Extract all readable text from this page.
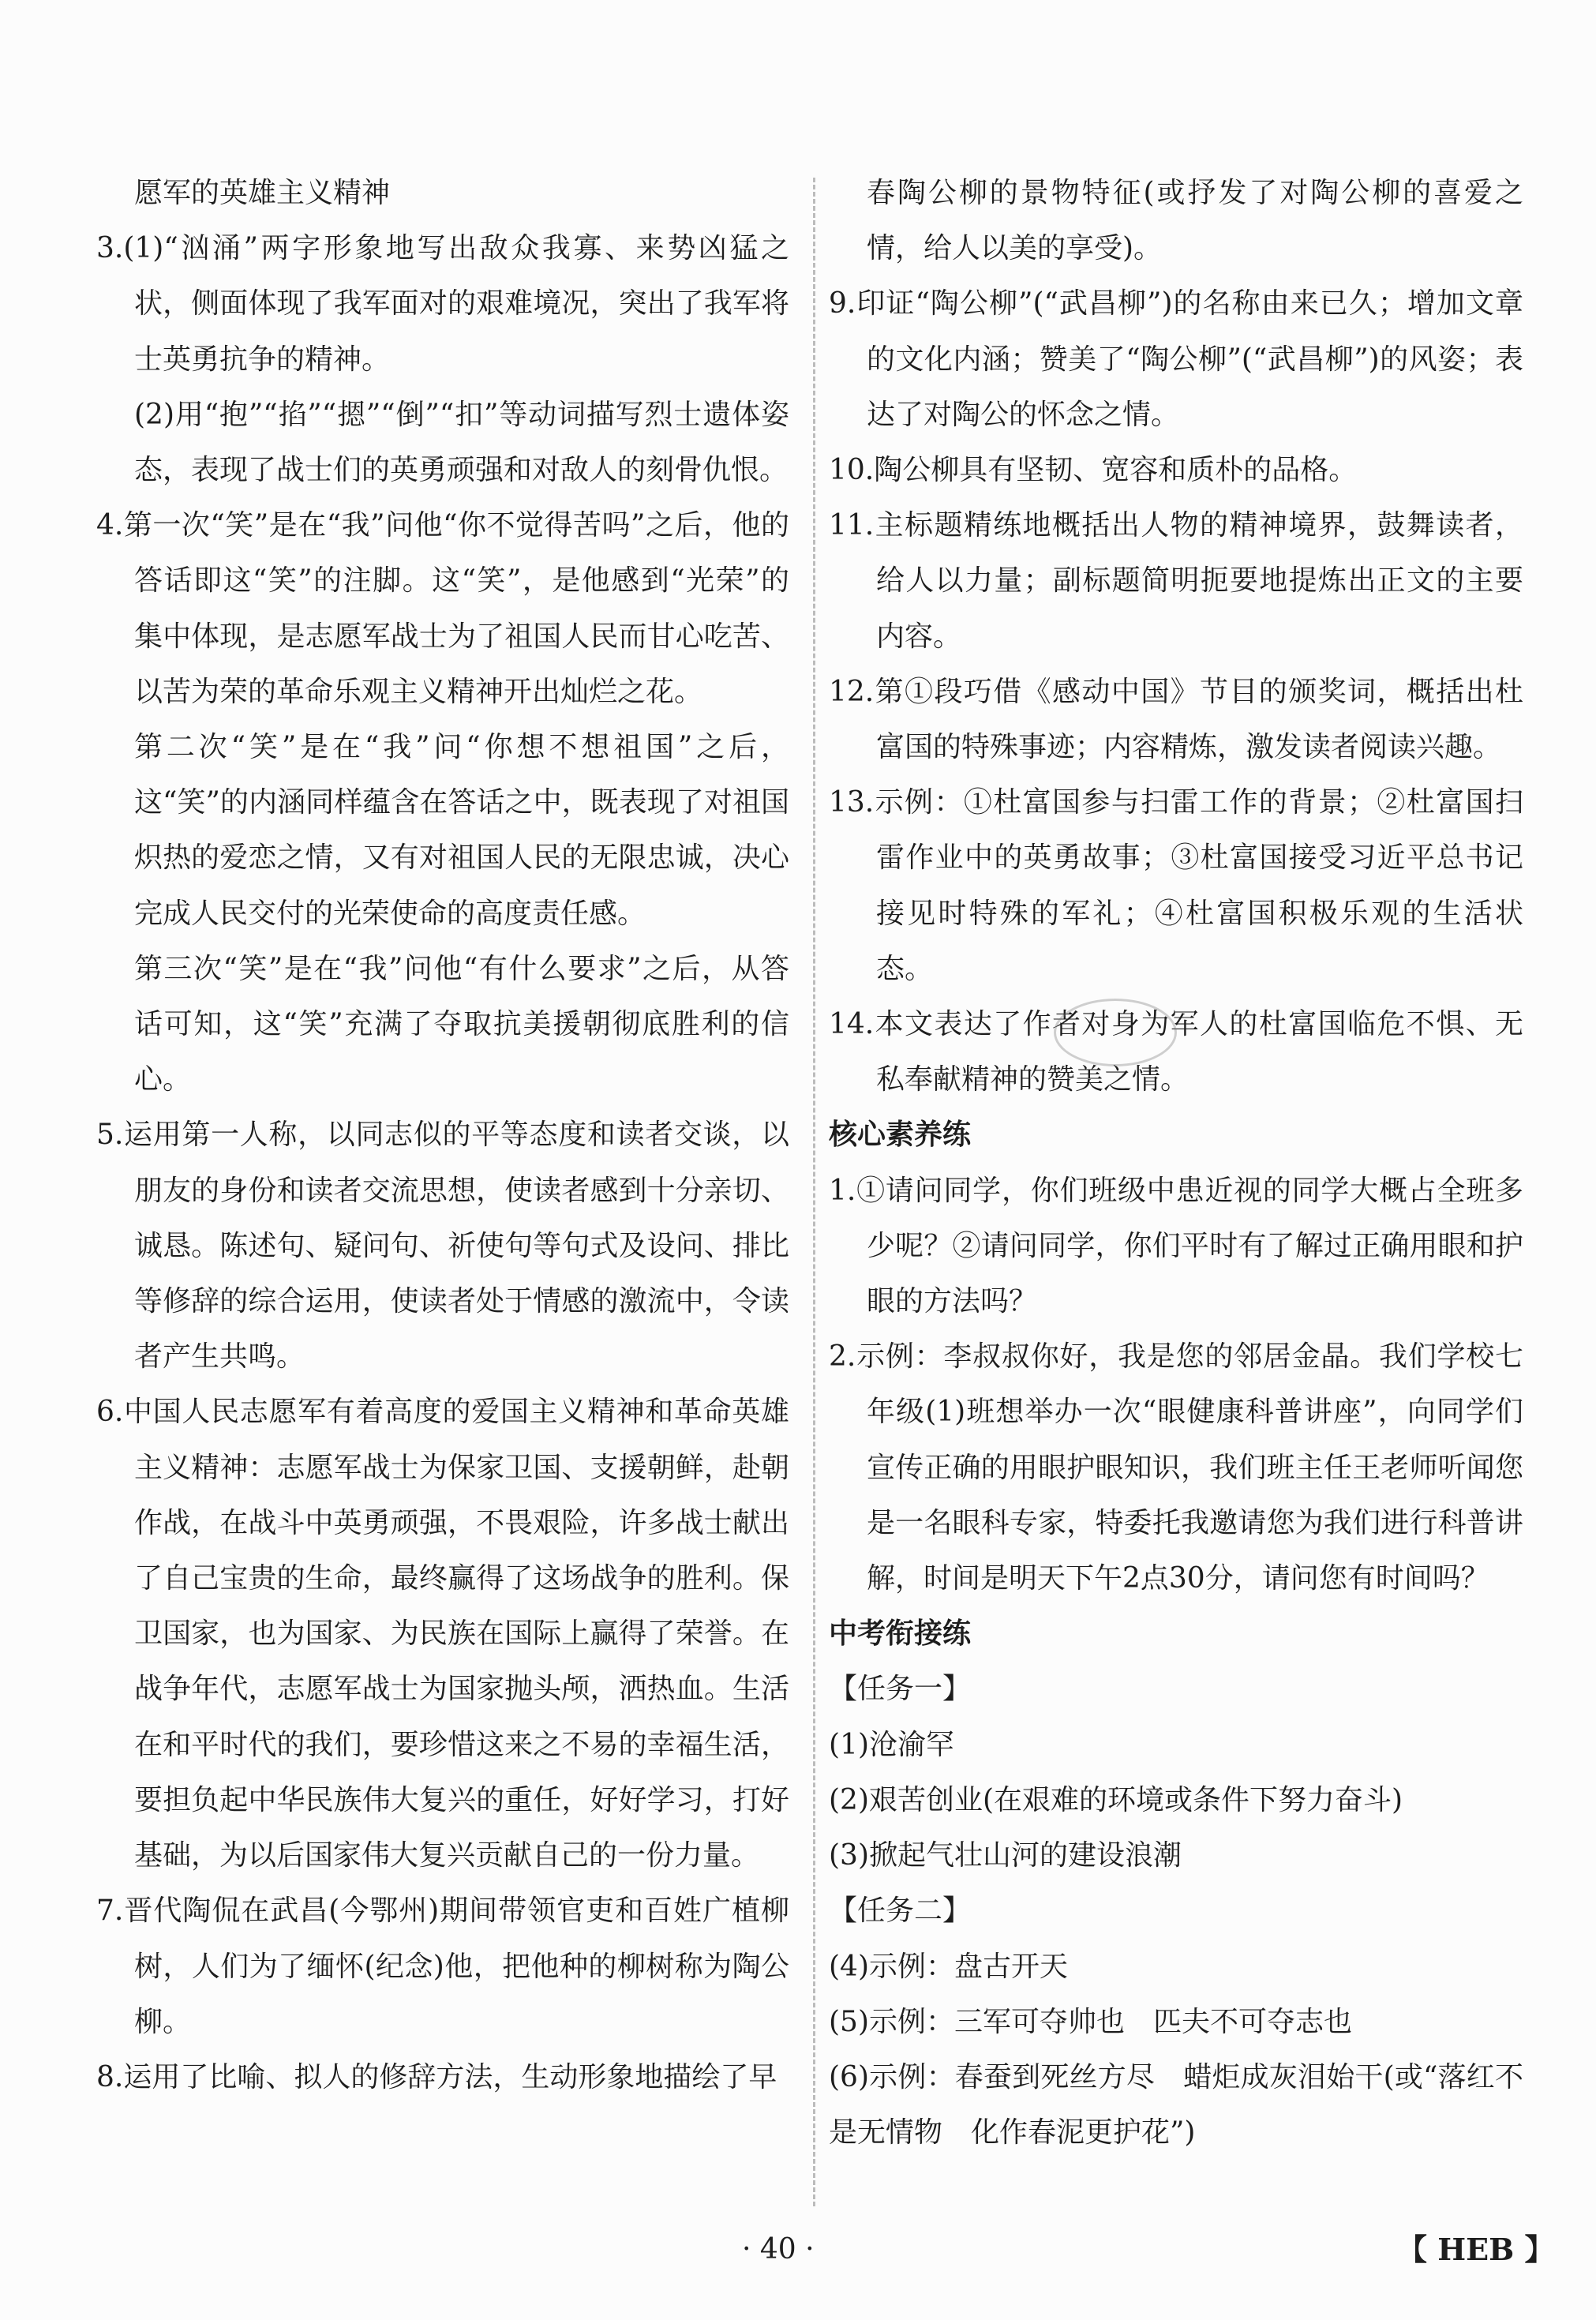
愿军的英雄主义精神

3.(1)“汹涌”两字形象地写出敌众我寡、来势凶猛之状，侧面体现了我军面对的艰难境况，突出了我军将士英勇抗争的精神。

(2)用“抱”“掐”“摁”“倒”“扣”等动词描写烈士遗体姿态，表现了战士们的英勇顽强和对敌人的刻骨仇恨。

4.第一次“笑”是在“我”问他“你不觉得苦吗”之后，他的答话即这“笑”的注脚。这“笑”，是他感到“光荣”的集中体现，是志愿军战士为了祖国人民而甘心吃苦、以苦为荣的革命乐观主义精神开出灿烂之花。

第二次“笑”是在“我”问“你想不想祖国”之后，这“笑”的内涵同样蕴含在答话之中，既表现了对祖国炽热的爱恋之情，又有对祖国人民的无限忠诚，决心完成人民交付的光荣使命的高度责任感。

第三次“笑”是在“我”问他“有什么要求”之后，从答话可知，这“笑”充满了夺取抗美援朝彻底胜利的信心。

5.运用第一人称，以同志似的平等态度和读者交谈，以朋友的身份和读者交流思想，使读者感到十分亲切、诚恳。陈述句、疑问句、祈使句等句式及设问、排比等修辞的综合运用，使读者处于情感的激流中，令读者产生共鸣。

6.中国人民志愿军有着高度的爱国主义精神和革命英雄主义精神：志愿军战士为保家卫国、支援朝鲜，赴朝作战，在战斗中英勇顽强，不畏艰险，许多战士献出了自己宝贵的生命，最终赢得了这场战争的胜利。保卫国家，也为国家、为民族在国际上赢得了荣誉。在战争年代，志愿军战士为国家抛头颅，洒热血。生活在和平时代的我们，要珍惜这来之不易的幸福生活，要担负起中华民族伟大复兴的重任，好好学习，打好基础，为以后国家伟大复兴贡献自己的一份力量。

7.晋代陶侃在武昌(今鄂州)期间带领官吏和百姓广植柳树，人们为了缅怀(纪念)他，把他种的柳树称为陶公柳。

8.运用了比喻、拟人的修辞方法，生动形象地描绘了早

春陶公柳的景物特征(或抒发了对陶公柳的喜爱之情，给人以美的享受)。

9.印证“陶公柳”(“武昌柳”)的名称由来已久；增加文章的文化内涵；赞美了“陶公柳”(“武昌柳”)的风姿；表达了对陶公的怀念之情。

10.陶公柳具有坚韧、宽容和质朴的品格。

11.主标题精练地概括出人物的精神境界，鼓舞读者，给人以力量；副标题简明扼要地提炼出正文的主要内容。

12.第①段巧借《感动中国》节目的颁奖词，概括出杜富国的特殊事迹；内容精炼，激发读者阅读兴趣。

13.示例：①杜富国参与扫雷工作的背景；②杜富国扫雷作业中的英勇故事；③杜富国接受习近平总书记接见时特殊的军礼；④杜富国积极乐观的生活状态。

14.本文表达了作者对身为军人的杜富国临危不惧、无私奉献精神的赞美之情。

核心素养练

1.①请问同学，你们班级中患近视的同学大概占全班多少呢？②请问同学，你们平时有了解过正确用眼和护眼的方法吗？

2.示例：李叔叔你好，我是您的邻居金晶。我们学校七年级(1)班想举办一次“眼健康科普讲座”，向同学们宣传正确的用眼护眼知识，我们班主任王老师听闻您是一名眼科专家，特委托我邀请您为我们进行科普讲解，时间是明天下午2点30分，请问您有时间吗？

中考衔接练

【任务一】

(1)沧渝罕

(2)艰苦创业(在艰难的环境或条件下努力奋斗)

(3)掀起气壮山河的建设浪潮

【任务二】

(4)示例：盘古开天

(5)示例：三军可夺帅也　匹夫不可夺志也

(6)示例：春蚕到死丝方尽　蜡炬成灰泪始干(或“落红不是无情物　化作春泥更护花”)

· 40 ·	【 HEB 】
